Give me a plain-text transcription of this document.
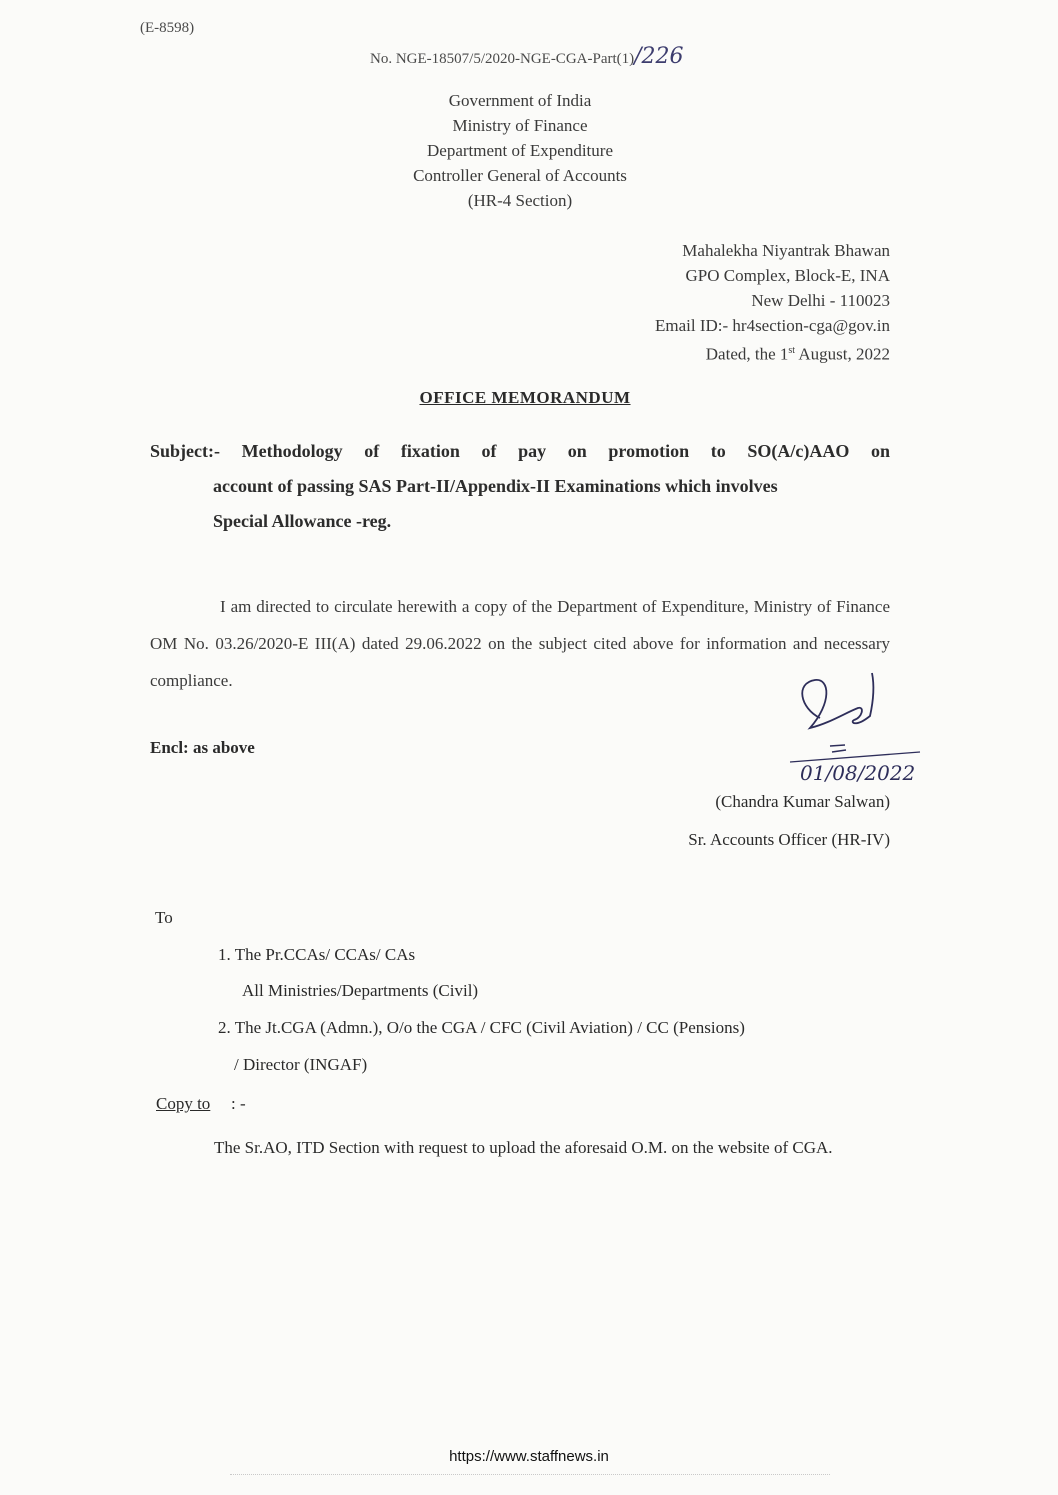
(E-8598)
No. NGE-18507/5/2020-NGE-CGA-Part(1)/226
Government of India
Ministry of Finance
Department of Expenditure
Controller General of Accounts
(HR-4 Section)
Mahalekha Niyantrak Bhawan
GPO Complex, Block-E, INA
New Delhi - 110023
Email ID:- hr4section-cga@gov.in
Dated, the 1st August, 2022
OFFICE MEMORANDUM
Subject:- Methodology of fixation of pay on promotion to SO(A/c)AAO on
account of passing SAS Part-II/Appendix-II Examinations which involves
Special Allowance -reg.
I am directed to circulate herewith a copy of the Department of Expenditure, Ministry of Finance OM No. 03.26/2020-E III(A) dated 29.06.2022 on the subject cited above for information and necessary compliance.
Encl: as above
01/08/2022
(Chandra Kumar Salwan)
Sr. Accounts Officer (HR-IV)
To
1. The Pr.CCAs/ CCAs/ CAs
All Ministries/Departments (Civil)
2. The Jt.CGA (Admn.), O/o the CGA / CFC (Civil Aviation) / CC (Pensions)
/ Director (INGAF)
Copy to : -
The Sr.AO, ITD Section with request to upload the aforesaid O.M. on the website of CGA.
https://www.staffnews.in
